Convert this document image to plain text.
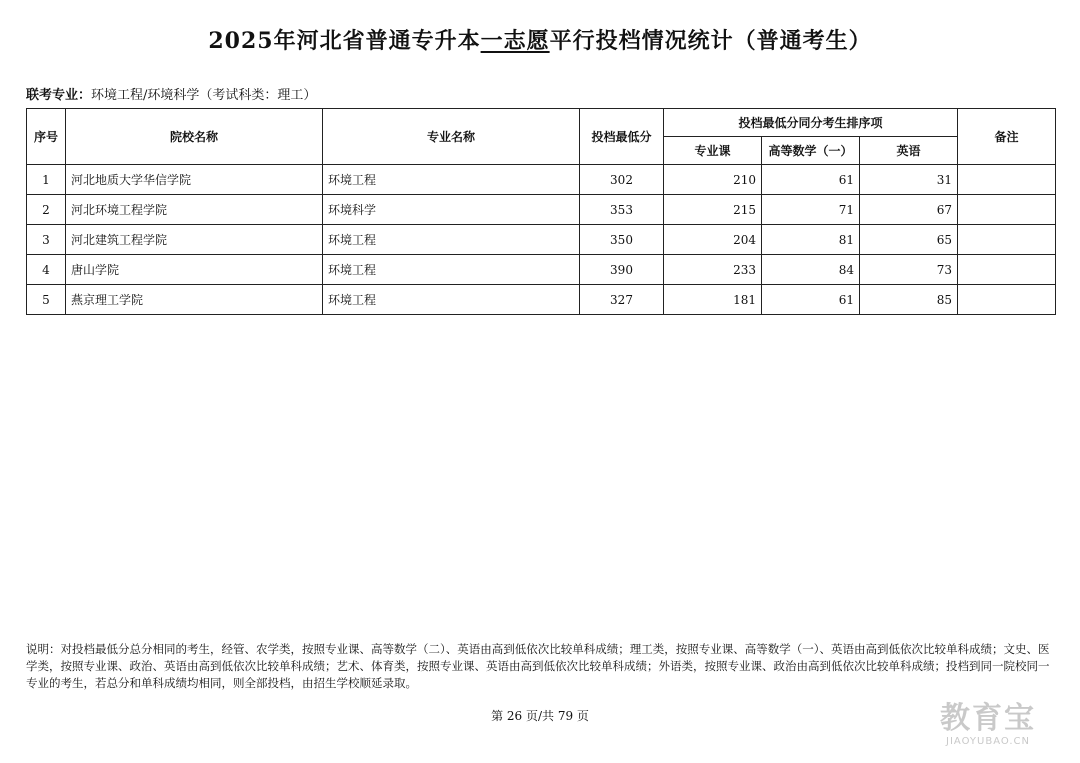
2025年河北省普通专升本一志愿平行投档情况统计（普通考生）
联考专业：环境工程/环境科学（考试科类：理工）
序号	院校名称	专业名称	投档最低分	投档最低分同分考生排序项			备注
				专业课	高等数学（一）	英语	
1	河北地质大学华信学院	环境工程	302	210	61	31	
2	河北环境工程学院	环境科学	353	215	71	67	
3	河北建筑工程学院	环境工程	350	204	81	65	
4	唐山学院	环境工程	390	233	84	73	
5	燕京理工学院	环境工程	327	181	61	85	
说明：对投档最低分总分相同的考生，经管、农学类，按照专业课、高等数学（二）、英语由高到低依次比较单科成绩；理工类，按照专业课、高等数学（一）、英语由高到低依次比较单科成绩；文史、医学类，按照专业课、政治、英语由高到低依次比较单科成绩；艺术、体育类，按照专业课、英语由高到低依次比较单科成绩；外语类，按照专业课、政治由高到低依次比较单科成绩；投档到同一院校同一专业的考生，若总分和单科成绩均相同，则全部投档，由招生学校顺延录取。
第 26 页/共 79 页	教育宝
JIAOYUBAO.CN
